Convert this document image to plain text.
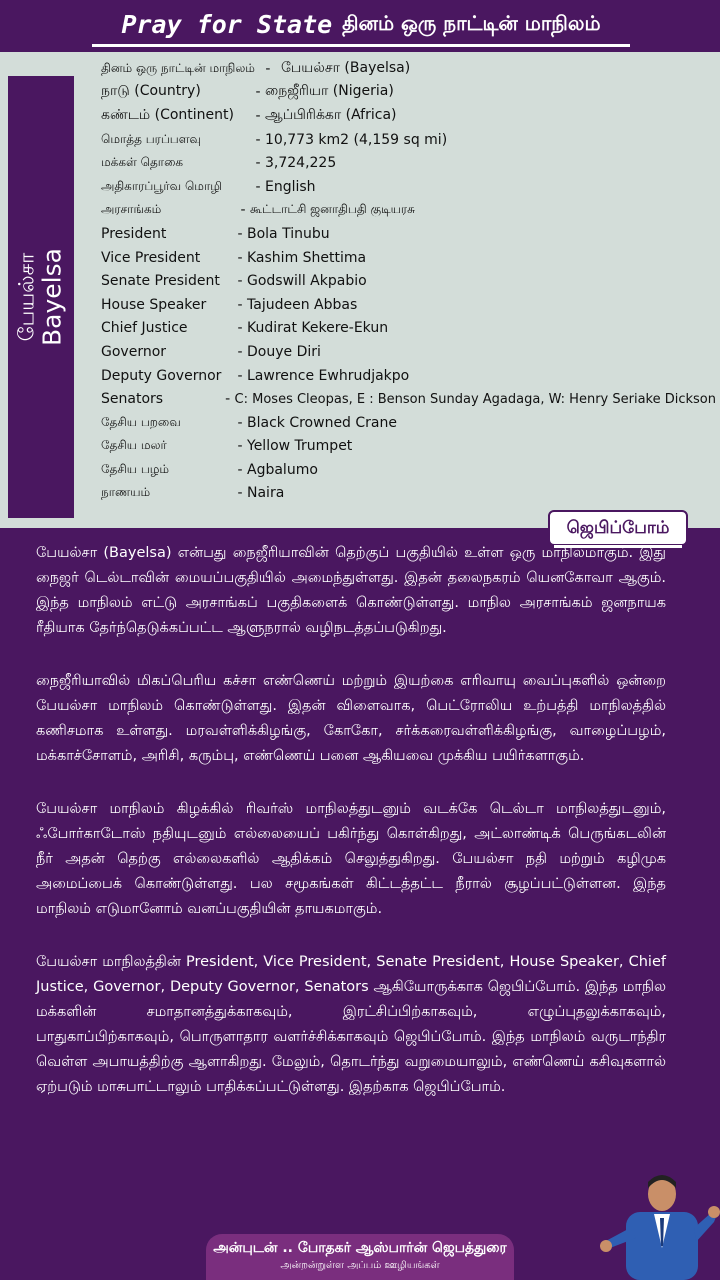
Pray for State தினம் ஒரு நாட்டின் மாநிலம்
பேயல்சா Bayelsa
தினம் ஒரு நாட்டின் மாநிலம் - பேயல்சா (Bayelsa)
நாடு (Country)	- நைஜீரியா (Nigeria)
கண்டம் (Continent)	- ஆப்பிரிக்கா (Africa)
மொத்த பரப்பளவு	- 10,773 km2 (4,159 sq mi)
மக்கள் தொகை	- 3,724,225
அதிகாரப்பூர்வ மொழி	- English
அரசாங்கம்	- கூட்டாட்சி ஜனாதிபதி குடியரசு
President	- Bola Tinubu
Vice President	- Kashim Shettima
Senate President	- Godswill Akpabio
House Speaker	- Tajudeen Abbas
Chief Justice	- Kudirat Kekere-Ekun
Governor	- Douye Diri
Deputy Governor	- Lawrence Ewhrudjakpo
Senators	- C: Moses Cleopas, E : Benson Sunday Agadaga, W: Henry Seriake Dickson
தேசிய பறவை	- Black Crowned Crane
தேசிய மலர்	- Yellow Trumpet
தேசிய பழம்	- Agbalumo
நாணயம்	- Naira
ஜெபிப்போம்

பேயல்சா (Bayelsa) என்பது நைஜீரியாவின் தெற்குப் பகுதியில் உள்ள ஒரு மாநிலமாகும். இது நைஜர் டெல்டாவின் மையப்பகுதியில் அமைந்துள்ளது. இதன் தலைநகரம் யெனகோவா ஆகும். இந்த மாநிலம் எட்டு அரசாங்கப் பகுதிகளைக் கொண்டுள்ளது. மாநில அரசாங்கம் ஜனநாயக ரீதியாக தேர்ந்தெடுக்கப்பட்ட ஆளுநரால் வழிநடத்தப்படுகிறது.

நைஜீரியாவில் மிகப்பெரிய கச்சா எண்ணெய் மற்றும் இயற்கை எரிவாயு வைப்புகளில் ஒன்றை பேயல்சா மாநிலம் கொண்டுள்ளது. இதன் விளைவாக, பெட்ரோலிய உற்பத்தி மாநிலத்தில் கணிசமாக உள்ளது. மரவள்ளிக்கிழங்கு, கோகோ, சர்க்கரைவள்ளிக்கிழங்கு, வாழைப்பழம், மக்காச்சோளம், அரிசி, கரும்பு, எண்ணெய் பனை ஆகியவை முக்கிய பயிர்களாகும்.

பேயல்சா மாநிலம் கிழக்கில் ரிவர்ஸ் மாநிலத்துடனும் வடக்கே டெல்டா மாநிலத்துடனும், ஃபோர்காடோஸ் நதியுடனும் எல்லையைப் பகிர்ந்து கொள்கிறது, அட்லாண்டிக் பெருங்கடலின் நீர் அதன் தெற்கு எல்லைகளில் ஆதிக்கம் செலுத்துகிறது. பேயல்சா நதி மற்றும் கழிமுக அமைப்பைக் கொண்டுள்ளது. பல சமூகங்கள் கிட்டத்தட்ட நீரால் சூழப்பட்டுள்ளன. இந்த மாநிலம் எடுமானோம் வனப்பகுதியின் தாயகமாகும்.

பேயல்சா மாநிலத்தின் President, Vice President, Senate President, House Speaker, Chief Justice, Governor, Deputy Governor, Senators ஆகியோருக்காக ஜெபிப்போம். இந்த மாநில மக்களின் சமாதானத்துக்காகவும், இரட்சிப்பிற்காகவும், எழுப்புதலுக்காகவும், பாதுகாப்பிற்காகவும், பொருளாதார வளர்ச்சிக்காகவும் ஜெபிப்போம். இந்த மாநிலம் வருடாந்திர வெள்ள அபாயத்திற்கு ஆளாகிறது. மேலும், தொடர்ந்து வறுமையாலும், எண்ணெய் கசிவுகளால் ஏற்படும் மாசுபாட்டாலும் பாதிக்கப்பட்டுள்ளது. இதற்காக ஜெபிப்போம்.

அன்புடன் .. போதகர் ஆஸ்பார்ன் ஜெபத்துரை
அன்றன்றுள்ள அப்பம் ஊழியங்கள்
